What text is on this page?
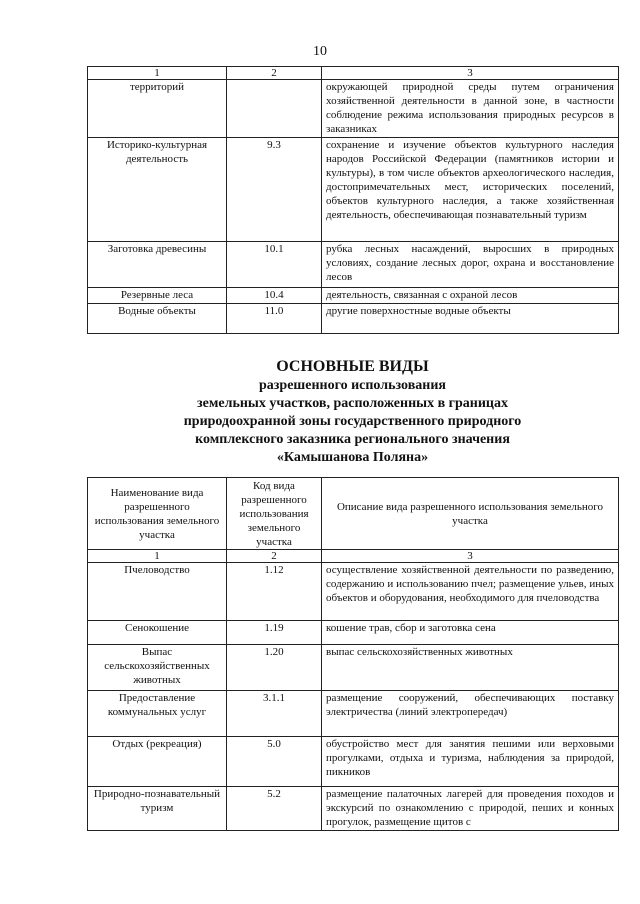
10
1	2	3
территорий		окружающей природной среды путем ограничения хозяйственной деятельности в данной зоне, в частности соблюдение режима использования природных ресурсов в заказниках
Историко-культурная деятельность	9.3	сохранение и изучение объектов культурного наследия народов Российской Федерации (памятников истории и культуры), в том числе объектов археологического наследия, достопримечательных мест, исторических поселений, объектов культурного наследия, а также хозяйственная деятельность, обеспечивающая познавательный туризм
Заготовка древесины	10.1	рубка лесных насаждений, выросших в природных условиях, создание лесных дорог, охрана и восстановление лесов
Резервные леса	10.4	деятельность, связанная с охраной лесов
Водные объекты	11.0	другие поверхностные водные объекты
ОСНОВНЫЕ ВИДЫ
разрешенного использования
земельных участков, расположенных в границах
природоохранной зоны государственного природного
комплексного заказника регионального значения
«Камышанова Поляна»
Наименование вида разрешенного использования земельного участка	Код вида разрешенного использования земельного участка	Описание вида разрешенного использования земельного участка
1	2	3
Пчеловодство	1.12	осуществление хозяйственной деятельности по разведению, содержанию и использованию пчел; размещение ульев, иных объектов и оборудования, необходимого для пчеловодства
Сенокошение	1.19	кошение трав, сбор и заготовка сена
Выпас сельскохозяйственных животных	1.20	выпас сельскохозяйственных животных
Предоставление коммунальных услуг	3.1.1	размещение сооружений, обеспечивающих поставку электричества (линий электропередач)
Отдых (рекреация)	5.0	обустройство мест для занятия пешими или верховыми прогулками, отдыха и туризма, наблюдения за природой, пикников
Природно-познавательный туризм	5.2	размещение палаточных лагерей для проведения походов и экскурсий по ознакомлению с природой, пеших и конных прогулок, размещение щитов с
